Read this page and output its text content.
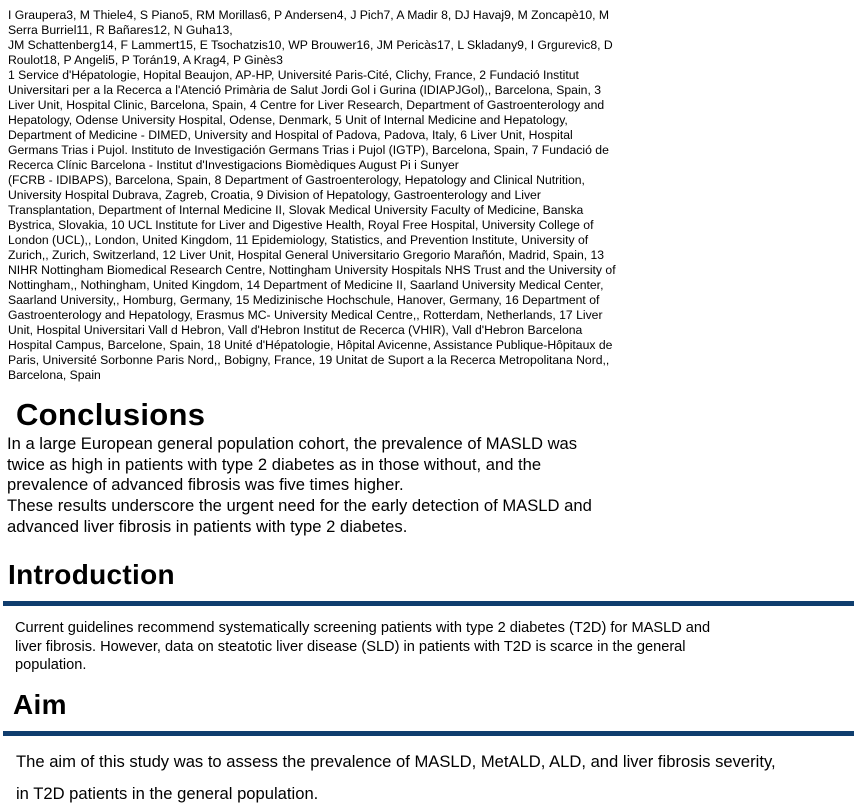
I Graupera3, M Thiele4, S Piano5, RM Morillas6, P Andersen4, J Pich7, A Madir 8, DJ Havaj9, M Zoncapè10, M
Serra Burriel11, R Bañares12, N Guha13,
JM Schattenberg14, F Lammert15, E Tsochatzis10, WP Brouwer16, JM Pericàs17, L Skladany9, I Grgurevic8, D
Roulot18, P Angeli5, P Torán19, A Krag4, P Ginès3
1 Service d'Hépatologie, Hopital Beaujon, AP-HP, Université Paris-Cité, Clichy, France, 2 Fundació Institut
Universitari per a la Recerca a l'Atenció Primària de Salut Jordi Gol i Gurina (IDIAPJGol),, Barcelona, Spain, 3
Liver Unit, Hospital Clinic, Barcelona, Spain, 4 Centre for Liver Research, Department of Gastroenterology and
Hepatology, Odense University Hospital, Odense, Denmark, 5 Unit of Internal Medicine and Hepatology,
Department of Medicine - DIMED, University and Hospital of Padova, Padova, Italy, 6 Liver Unit, Hospital
Germans Trias i Pujol. Instituto de Investigación Germans Trias i Pujol (IGTP), Barcelona, Spain, 7 Fundació de
Recerca Clínic Barcelona - Institut d'Investigacions Biomèdiques August Pi i Sunyer
(FCRB - IDIBAPS), Barcelona, Spain, 8 Department of Gastroenterology, Hepatology and Clinical Nutrition,
University Hospital Dubrava, Zagreb, Croatia, 9 Division of Hepatology, Gastroenterology and Liver
Transplantation, Department of Internal Medicine II, Slovak Medical University Faculty of Medicine, Banska
Bystrica, Slovakia, 10 UCL Institute for Liver and Digestive Health, Royal Free Hospital, University College of
London (UCL),, London, United Kingdom, 11 Epidemiology, Statistics, and Prevention Institute, University of
Zurich,, Zurich, Switzerland, 12 Liver Unit, Hospital General Universitario Gregorio Marañón, Madrid, Spain, 13
NIHR Nottingham Biomedical Research Centre, Nottingham University Hospitals NHS Trust and the University of
Nottingham,, Nothingham, United Kingdom, 14 Department of Medicine II, Saarland University Medical Center,
Saarland University,, Homburg, Germany, 15 Medizinische Hochschule, Hanover, Germany, 16 Department of
Gastroenterology and Hepatology, Erasmus MC- University Medical Centre,, Rotterdam, Netherlands, 17 Liver
Unit, Hospital Universitari Vall d Hebron, Vall d'Hebron Institut de Recerca (VHIR), Vall d'Hebron Barcelona
Hospital Campus, Barcelone, Spain, 18 Unité d'Hépatologie, Hôpital Avicenne, Assistance Publique-Hôpitaux de
Paris, Université Sorbonne Paris Nord,, Bobigny, France, 19 Unitat de Suport a la Recerca Metropolitana Nord,,
Barcelona, Spain
Conclusions
In a large European general population cohort, the prevalence of MASLD was
twice as high in patients with type 2 diabetes as in those without, and the
prevalence of advanced fibrosis was five times higher.
These results underscore the urgent need for the early detection of MASLD and
advanced liver fibrosis in patients with type 2 diabetes.
Introduction
Current guidelines recommend systematically screening patients with type 2 diabetes (T2D) for MASLD and
liver fibrosis. However, data on steatotic liver disease (SLD) in patients with T2D is scarce in the general
population.
Aim
The aim of this study was to assess the prevalence of MASLD, MetALD, ALD, and liver fibrosis severity,
in T2D patients in the general population.
